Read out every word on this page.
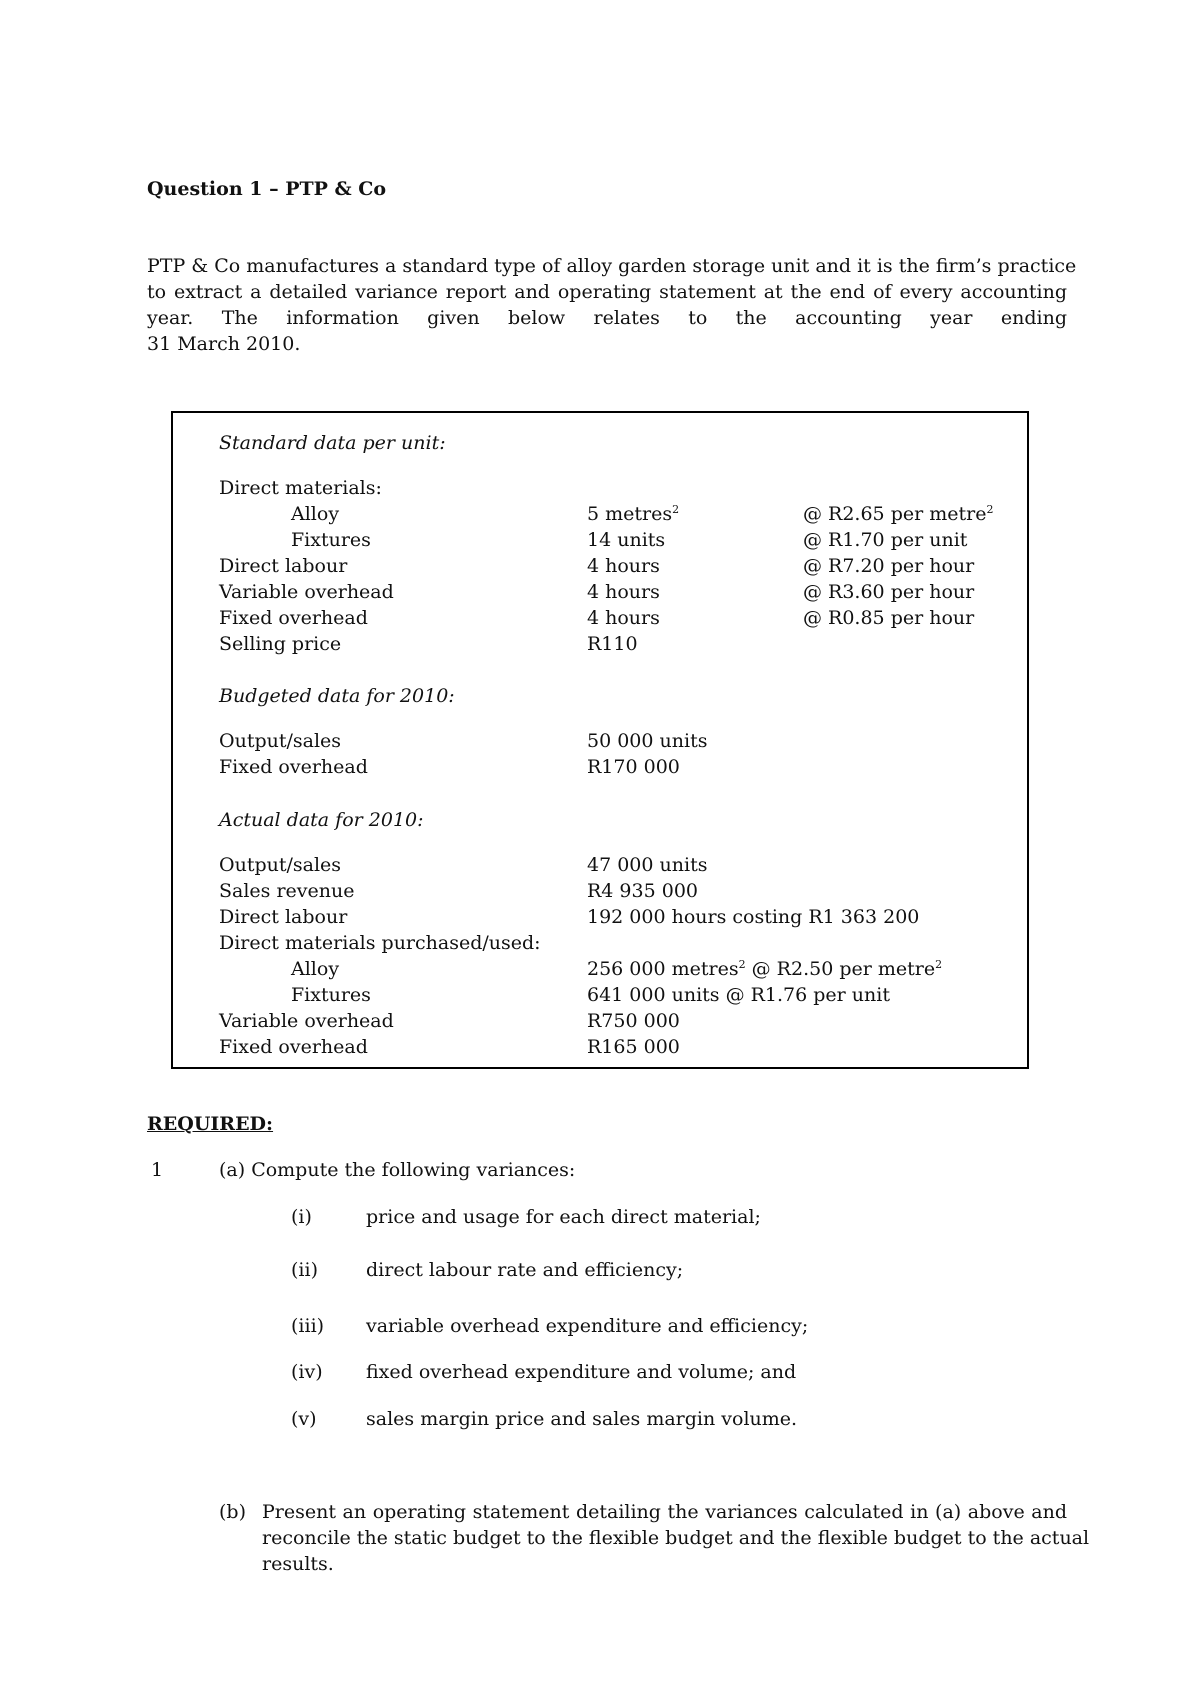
Question 1 – PTP & Co
PTP & Co manufactures a standard type of alloy garden storage unit and it is the firm’s practice
to extract a detailed variance report and operating statement at the end of every accounting
year. The information given below relates to the accounting year ending
31 March 2010.
Standard data per unit:
Direct materials:
Alloy	5 metres$^2$	@ R2.65 per metre$^2$
Fixtures	14 units	@ R1.70 per unit
Direct labour	4 hours	@ R7.20 per hour
Variable overhead	4 hours	@ R3.60 per hour
Fixed overhead	4 hours	@ R0.85 per hour
Selling price	R110
Budgeted data for 2010:
Output/sales	50 000 units
Fixed overhead	R170 000
Actual data for 2010:
Output/sales	47 000 units
Sales revenue	R4 935 000
Direct labour	192 000 hours costing R1 363 200
Direct materials purchased/used:
Alloy	256 000 metres$^2$ @ R2.50 per metre$^2$
Fixtures	641 000 units @ R1.76 per unit
Variable overhead	R750 000
Fixed overhead	R165 000
REQUIRED:
1	(a) Compute the following variances:
(i)	price and usage for each direct material;
(ii)	direct labour rate and efficiency;
(iii) variable overhead expenditure and efficiency;
(iv) fixed overhead expenditure and volume; and
(v)	sales margin price and sales margin volume.
(b) Present an operating statement detailing the variances calculated in (a) above and
reconcile the static budget to the flexible budget and the flexible budget to the actual
results.
